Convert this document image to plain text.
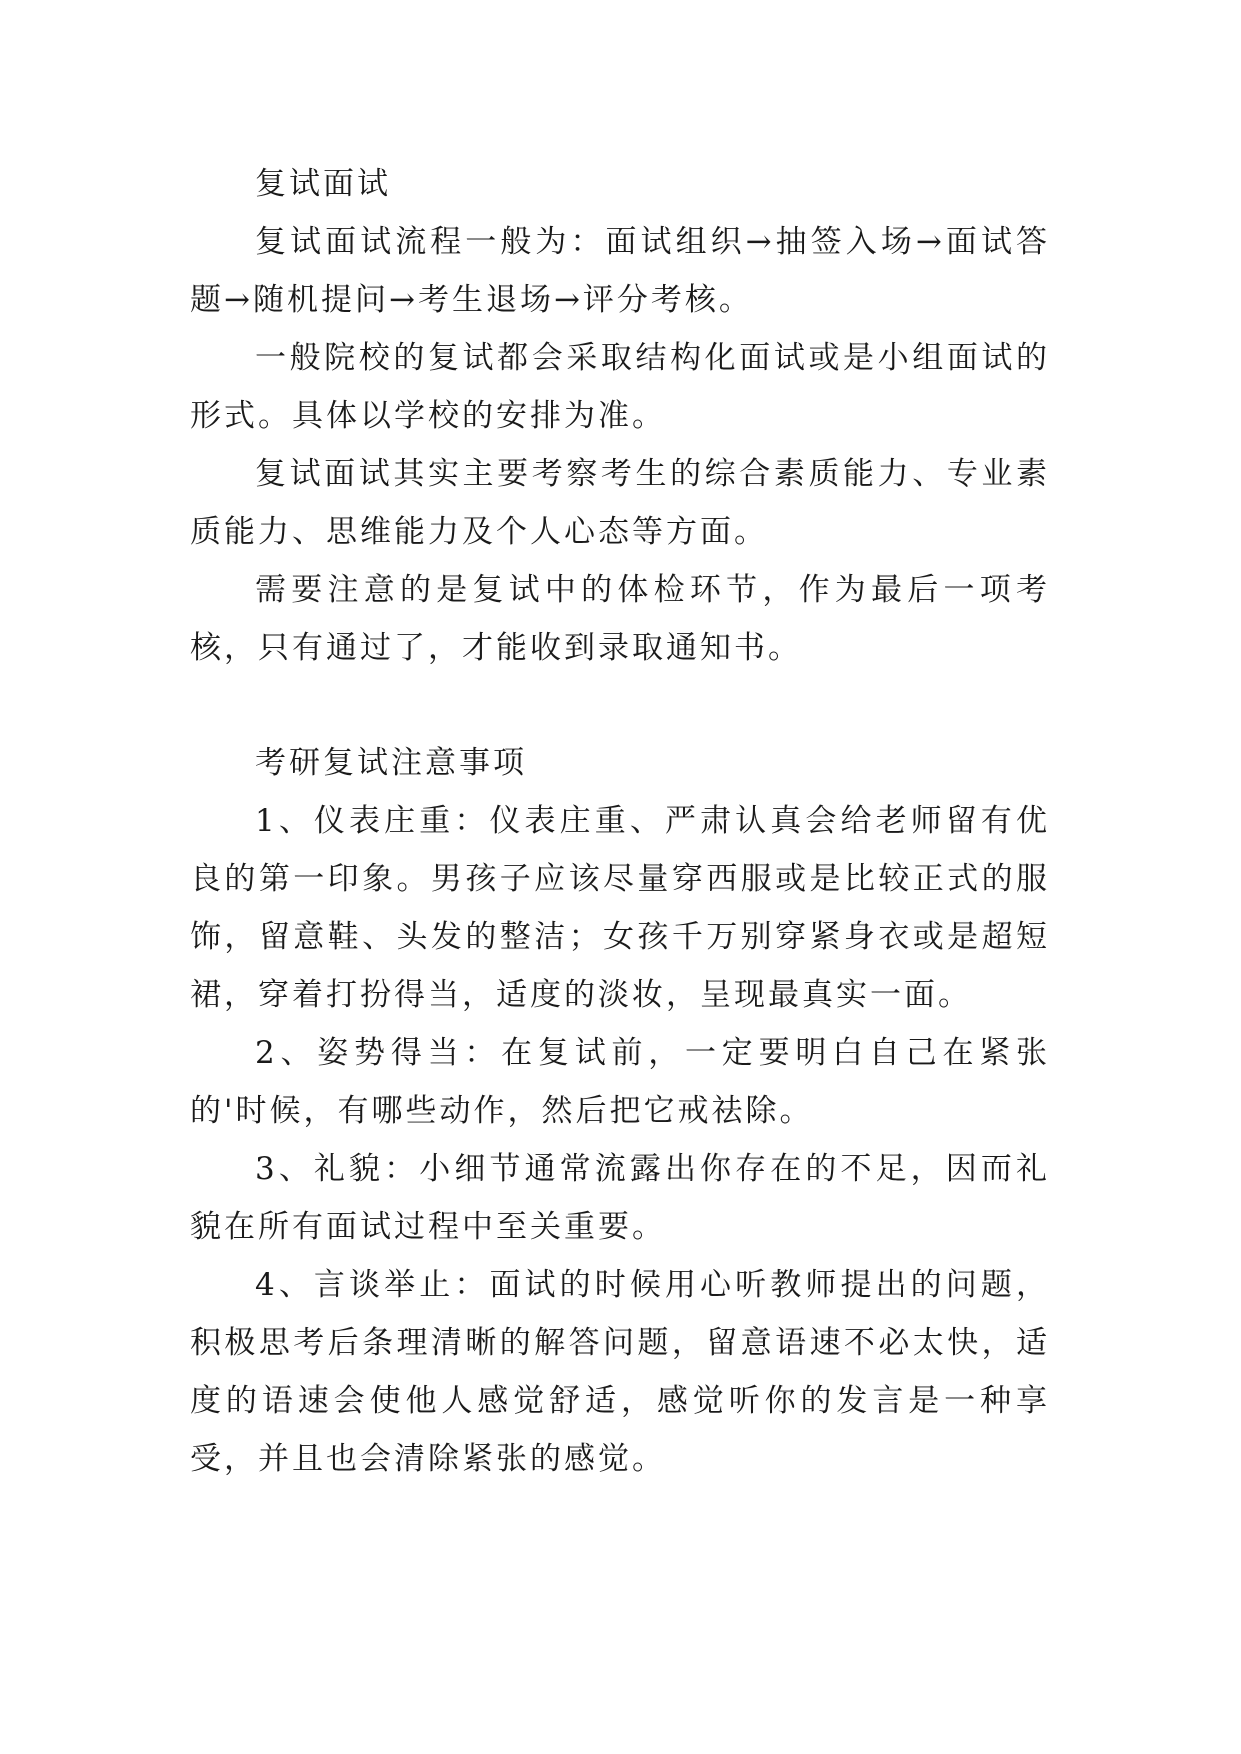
复试面试

复试面试流程一般为：面试组织→抽签入场→面试答题→随机提问→考生退场→评分考核。

一般院校的复试都会采取结构化面试或是小组面试的形式。具体以学校的安排为准。

复试面试其实主要考察考生的综合素质能力、专业素质能力、思维能力及个人心态等方面。

需要注意的是复试中的体检环节，作为最后一项考核，只有通过了，才能收到录取通知书。

考研复试注意事项

1、仪表庄重：仪表庄重、严肃认真会给老师留有优良的第一印象。男孩子应该尽量穿西服或是比较正式的服饰，留意鞋、头发的整洁；女孩千万别穿紧身衣或是超短裙，穿着打扮得当，适度的淡妆，呈现最真实一面。

2、姿势得当：在复试前，一定要明白自己在紧张的'时候，有哪些动作，然后把它戒祛除。

3、礼貌：小细节通常流露出你存在的不足，因而礼貌在所有面试过程中至关重要。

4、言谈举止：面试的时候用心听教师提出的问题，积极思考后条理清晰的解答问题，留意语速不必太快，适度的语速会使他人感觉舒适，感觉听你的发言是一种享受，并且也会清除紧张的感觉。
